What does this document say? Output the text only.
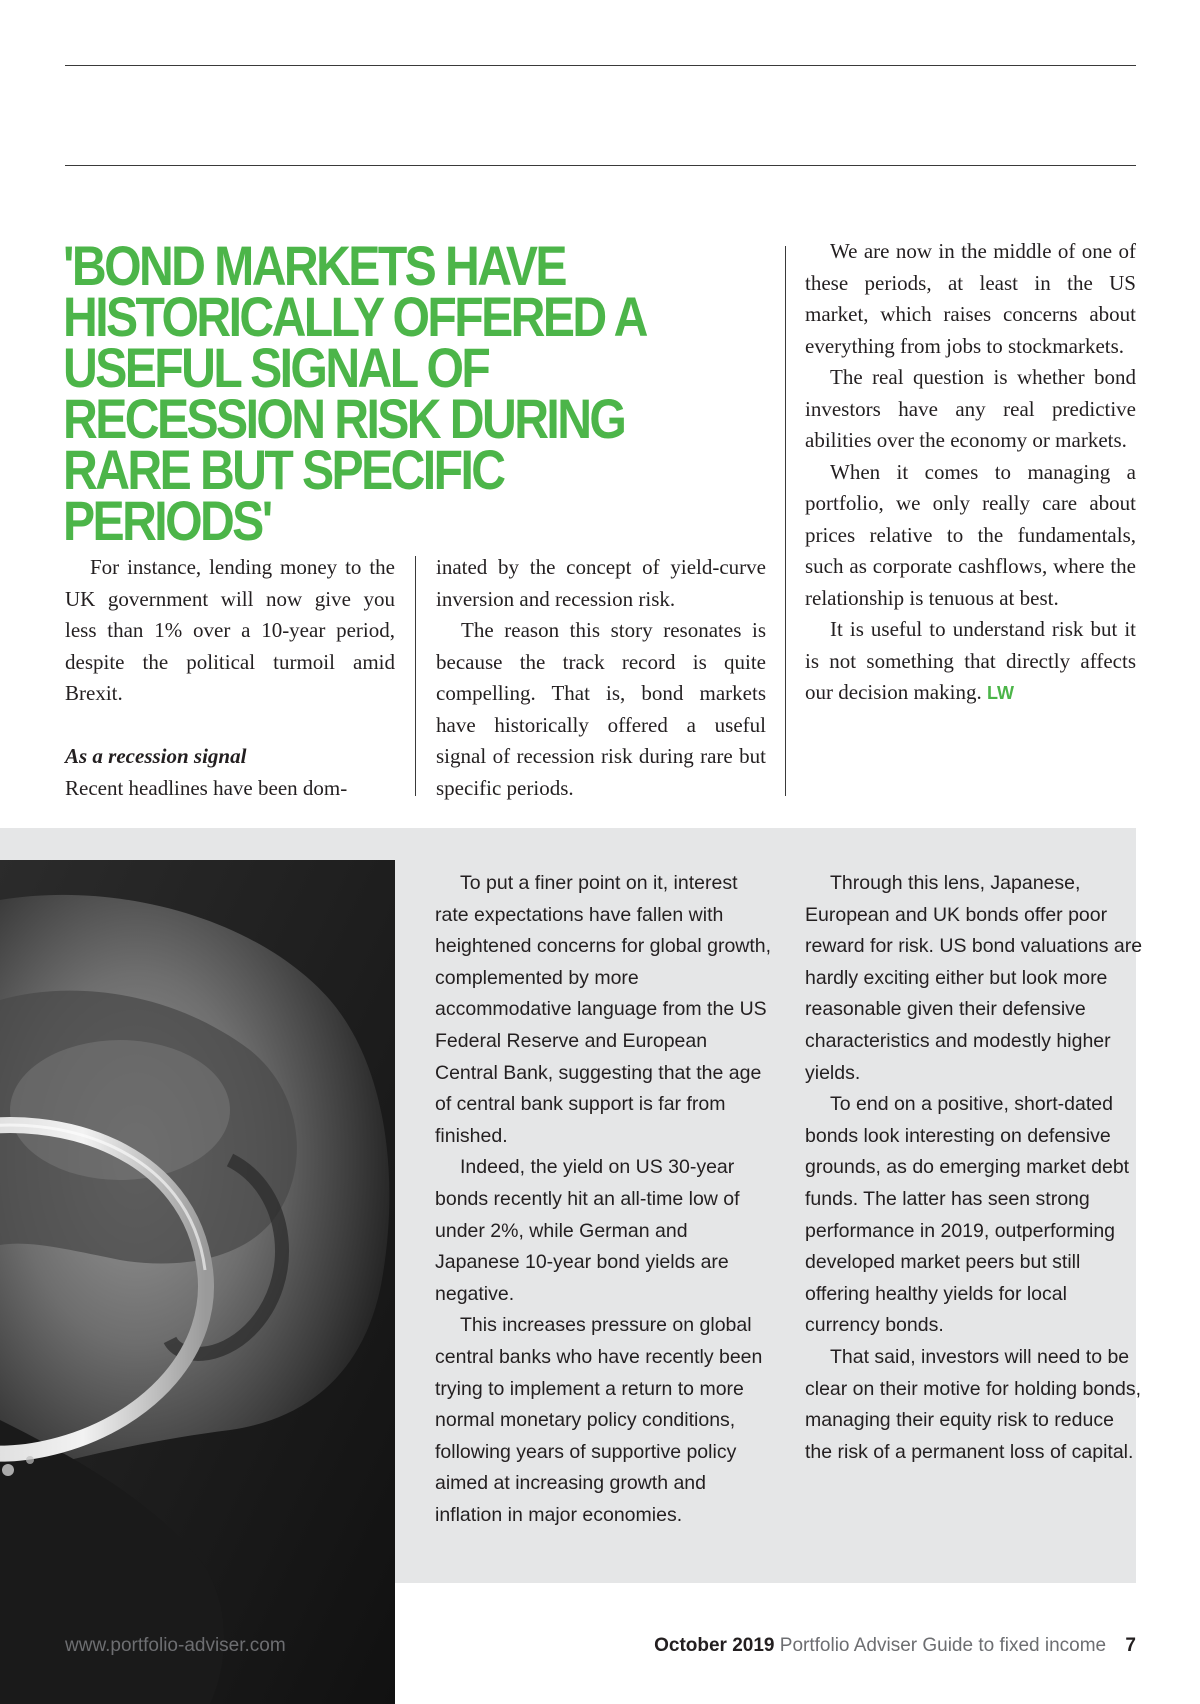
'BOND MARKETS HAVE HISTORICALLY OFFERED A USEFUL SIGNAL OF RECESSION RISK DURING RARE BUT SPECIFIC PERIODS'

For instance, lending money to the UK government will now give you less than 1% over a 10-year period, despite the political turmoil amid Brexit.

As a recession signal

Recent headlines have been dom-

inated by the concept of yield-curve inversion and recession risk.

The reason this story resonates is because the track record is quite compelling. That is, bond markets have historically offered a useful signal of recession risk during rare but specific periods.

We are now in the middle of one of these periods, at least in the US market, which raises concerns about everything from jobs to stockmarkets.

The real question is whether bond investors have any real predictive abilities over the economy or markets.

When it comes to managing a portfolio, we only really care about prices relative to the fundamentals, such as corporate cashflows, where the relationship is tenuous at best.

It is useful to understand risk but it is not something that directly affects our decision making. LW

To put a finer point on it, interest rate expectations have fallen with heightened concerns for global growth, complemented by more accommodative language from the US Federal Reserve and European Central Bank, suggesting that the age of central bank support is far from finished.

Indeed, the yield on US 30-year bonds recently hit an all-time low of under 2%, while German and Japanese 10-year bond yields are negative.

This increases pressure on global central banks who have recently been trying to implement a return to more normal monetary policy conditions, following years of supportive policy aimed at increasing growth and inflation in major economies.

Through this lens, Japanese, European and UK bonds offer poor reward for risk. US bond valuations are hardly exciting either but look more reasonable given their defensive characteristics and modestly higher yields.

To end on a positive, short-dated bonds look interesting on defensive grounds, as do emerging market debt funds. The latter has seen strong performance in 2019, outperforming developed market peers but still offering healthy yields for local currency bonds.

That said, investors will need to be clear on their motive for holding bonds, managing their equity risk to reduce the risk of a permanent loss of capital.

www.portfolio-adviser.com	October 2019 Portfolio Adviser Guide to fixed income 7
